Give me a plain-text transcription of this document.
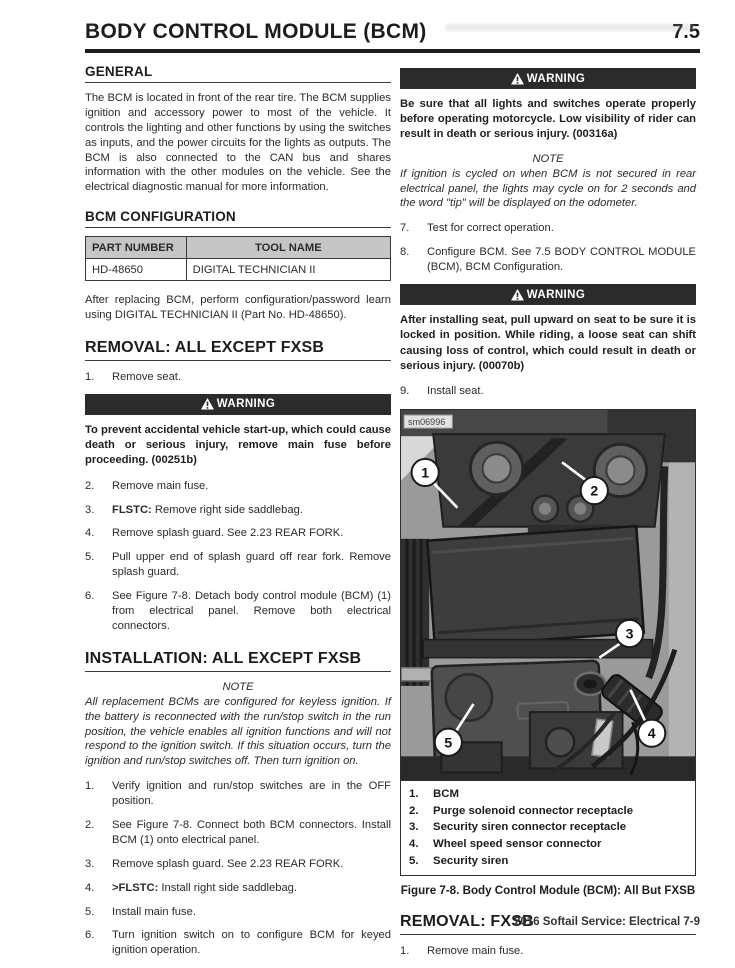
BODY CONTROL MODULE (BCM)	7.5
GENERAL

The BCM is located in front of the rear tire. The BCM supplies ignition and accessory power to most of the vehicle. It controls the lighting and other functions by using the switches as inputs, and the power circuits for the lights as outputs. The BCM is also connected to the CAN bus and shares information with the other modules on the vehicle. See the electrical diagnostic manual for more information.

BCM CONFIGURATION
PART NUMBER	TOOL NAME
HD-48650	DIGITAL TECHNICIAN II

After replacing BCM, perform configuration/password learn using DIGITAL TECHNICIAN II (Part No. HD-48650).

REMOVAL: ALL EXCEPT FXSB
1.	Remove seat.
WARNING

To prevent accidental vehicle start-up, which could cause death or serious injury, remove main fuse before proceeding. (00251b)

2.	Remove main fuse.
3.	FLSTC: Remove right side saddlebag.
4.	Remove splash guard. See 2.23 REAR FORK.
5.	Pull upper end of splash guard off rear fork. Remove splash guard.
6.	See Figure 7-8. Detach body control module (BCM) (1) from electrical panel. Remove both electrical connectors.
INSTALLATION: ALL EXCEPT FXSB
NOTE

All replacement BCMs are configured for keyless ignition. If the battery is reconnected with the run/stop switch in the run position, the vehicle enables all ignition functions and will not respond to the ignition switch. If this situation occurs, turn the ignition and run/stop switches off. Then turn ignition on.

1.	Verify ignition and run/stop switches are in the OFF position.
2.	See Figure 7-8. Connect both BCM connectors. Install BCM (1) onto electrical panel.
3.	Remove splash guard. See 2.23 REAR FORK.
4.	>FLSTC: Install right side saddlebag.
5.	Install main fuse.
6.	Turn ignition switch on to configure BCM for keyed ignition operation.
WARNING

Be sure that all lights and switches operate properly before operating motorcycle. Low visibility of rider can result in death or serious injury. (00316a)

NOTE

If ignition is cycled on when BCM is not secured in rear electrical panel, the lights may cycle on for 2 seconds and the word "tip" will be displayed on the odometer.

7.	Test for correct operation.
8.	Configure BCM. See 7.5 BODY CONTROL MODULE (BCM), BCM Configuration.
WARNING

After installing seat, pull upward on seat to be sure it is locked in position. While riding, a loose seat can shift causing loss of control, which could result in death or serious injury. (00070b)

9.	Install seat.
sm06996
1
2
3
4
5
1.	BCM
2.	Purge solenoid connector receptacle
3.	Security siren connector receptacle
4.	Wheel speed sensor connector
5.	Security siren
Figure 7-8. Body Control Module (BCM): All But FXSB
REMOVAL: FXSB
1.	Remove main fuse.
2016 Softail Service: Electrical 7-9
